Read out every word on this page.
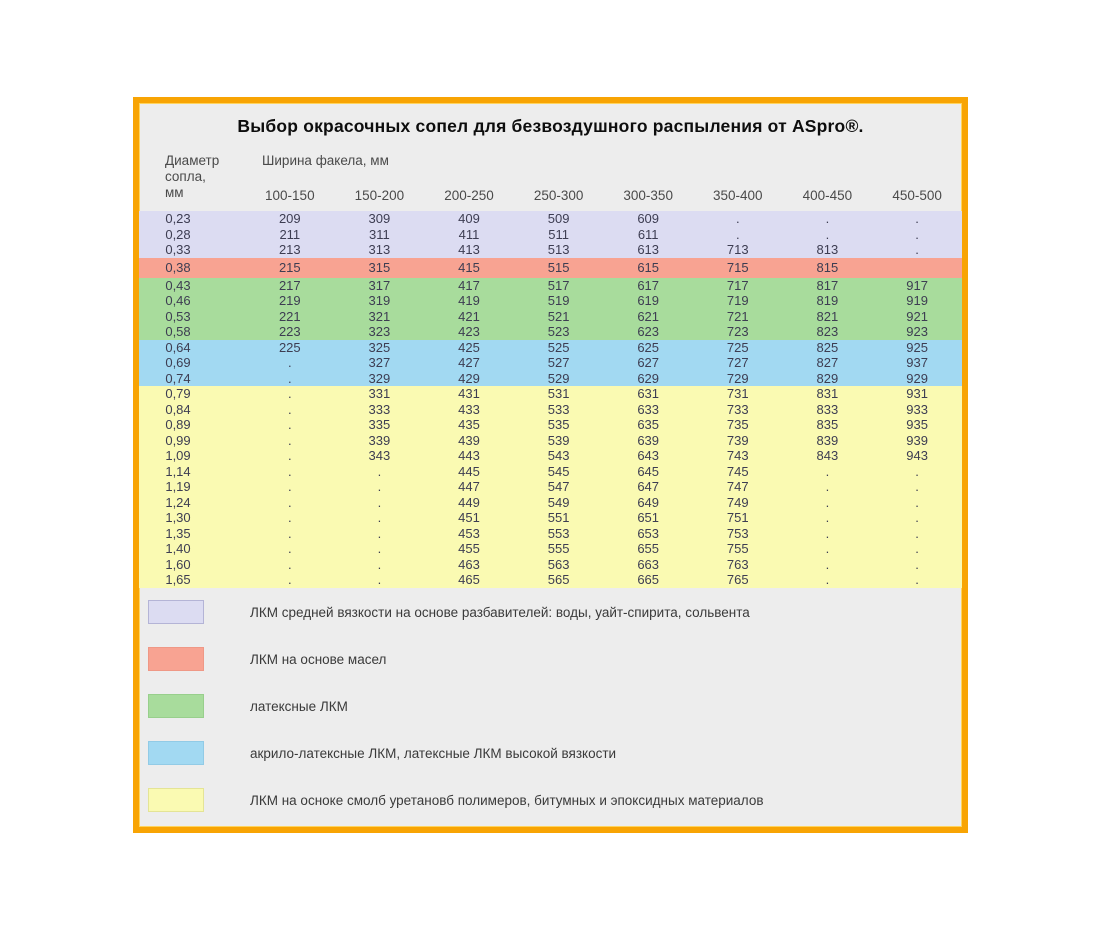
Выбор окрасочных сопел для безвоздушного распыления от ASpro®.
Диаметр
сопла,
мм	Ширина факела, мм							
	100-150	150-200	200-250	250-300	300-350	350-400	400-450	450-500
0,23	209	309	409	509	609	.	.	.
0,28	211	311	411	511	611	.	.	.
0,33	213	313	413	513	613	713	813	.
0,38	215	315	415	515	615	715	815	
0,43	217	317	417	517	617	717	817	917
0,46	219	319	419	519	619	719	819	919
0,53	221	321	421	521	621	721	821	921
0,58	223	323	423	523	623	723	823	923
0,64	225	325	425	525	625	725	825	925
0,69	.	327	427	527	627	727	827	937
0,74	.	329	429	529	629	729	829	929
0,79	.	331	431	531	631	731	831	931
0,84	.	333	433	533	633	733	833	933
0,89	.	335	435	535	635	735	835	935
0,99	.	339	439	539	639	739	839	939
1,09	.	343	443	543	643	743	843	943
1,14	.	.	445	545	645	745	.	.
1,19	.	.	447	547	647	747	.	.
1,24	.	.	449	549	649	749	.	.
1,30	.	.	451	551	651	751	.	.
1,35	.	.	453	553	653	753	.	.
1,40	.	.	455	555	655	755	.	.
1,60	.	.	463	563	663	763	.	.
1,65	.	.	465	565	665	765	.	.
ЛКМ средней вязкости на основе разбавителей: воды, уайт-спирита, сольвента
ЛКМ на основе масел
латексные ЛКМ
акрило-латексные ЛКМ, латексные ЛКМ высокой вязкости
ЛКМ на осноке смолб уретановб полимеров, битумных и эпоксидных материалов
